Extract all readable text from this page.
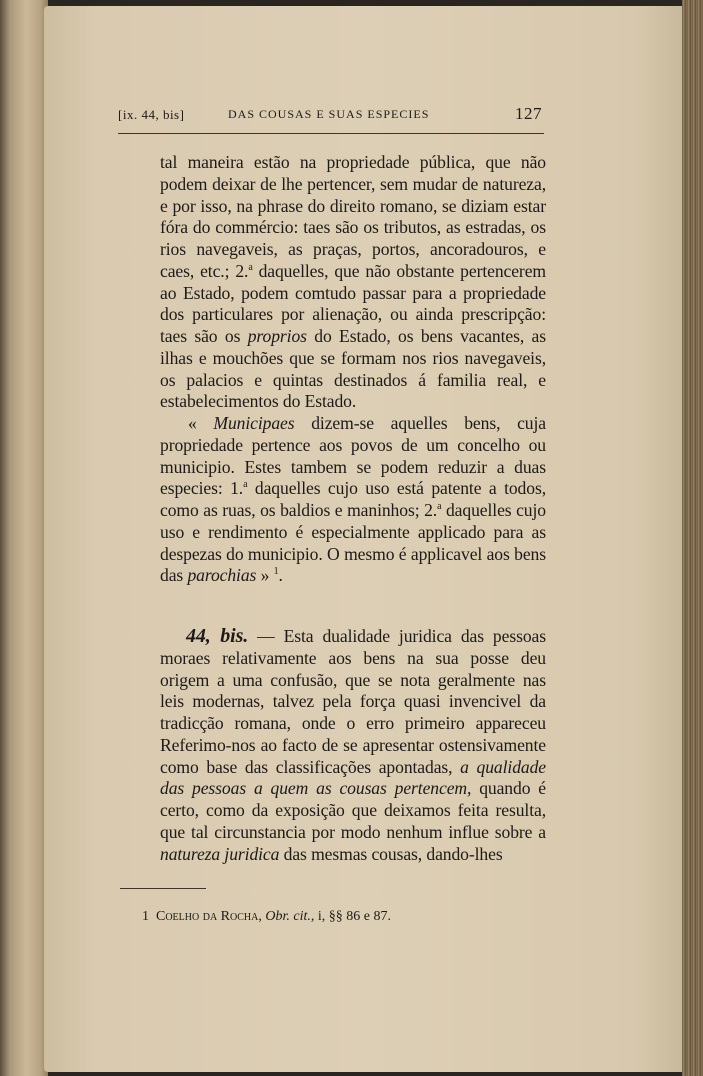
[ix. 44, bis]	DAS COUSAS E SUAS ESPECIES	127

tal maneira estão na propriedade pública, que não podem deixar de lhe pertencer, sem mudar de natureza, e por isso, na phrase do direito romano, se diziam estar fóra do commércio: taes são os tributos, as estradas, os rios navegaveis, as praças, portos, ancoradouros, e caes, etc.; 2.$^a$ daquelles, que não obstante pertencerem ao Estado, podem comtudo passar para a propriedade dos particulares por alienação, ou ainda prescripção: taes são os proprios do Estado, os bens vacantes, as ilhas e mouchões que se formam nos rios navegaveis, os palacios e quintas destinados á familia real, e estabelecimentos do Estado.

« Municipaes dizem-se aquelles bens, cuja propriedade pertence aos povos de um concelho ou municipio. Estes tambem se podem reduzir a duas especies: 1.$^a$ daquelles cujo uso está patente a todos, como as ruas, os baldios e maninhos; 2.$^a$ daquelles cujo uso e rendimento é especialmente applicado para as despezas do municipio. O mesmo é applicavel aos bens das parochias » $^1$.

44, bis. — Esta dualidade juridica das pessoas moraes relativamente aos bens na sua posse deu origem a uma confusão, que se nota geralmente nas leis modernas, talvez pela força quasi invencivel da tradicção romana, onde o erro primeiro appareceu Referimo-nos ao facto de se apresentar ostensivamente como base das classificações apontadas, a qualidade das pessoas a quem as cousas pertencem, quando é certo, como da exposição que deixamos feita resulta, que tal circunstancia por modo nenhum influe sobre a natureza juridica das mesmas cousas, dando-lhes

1 Coelho da Rocha, Obr. cit., i, §§ 86 e 87.
